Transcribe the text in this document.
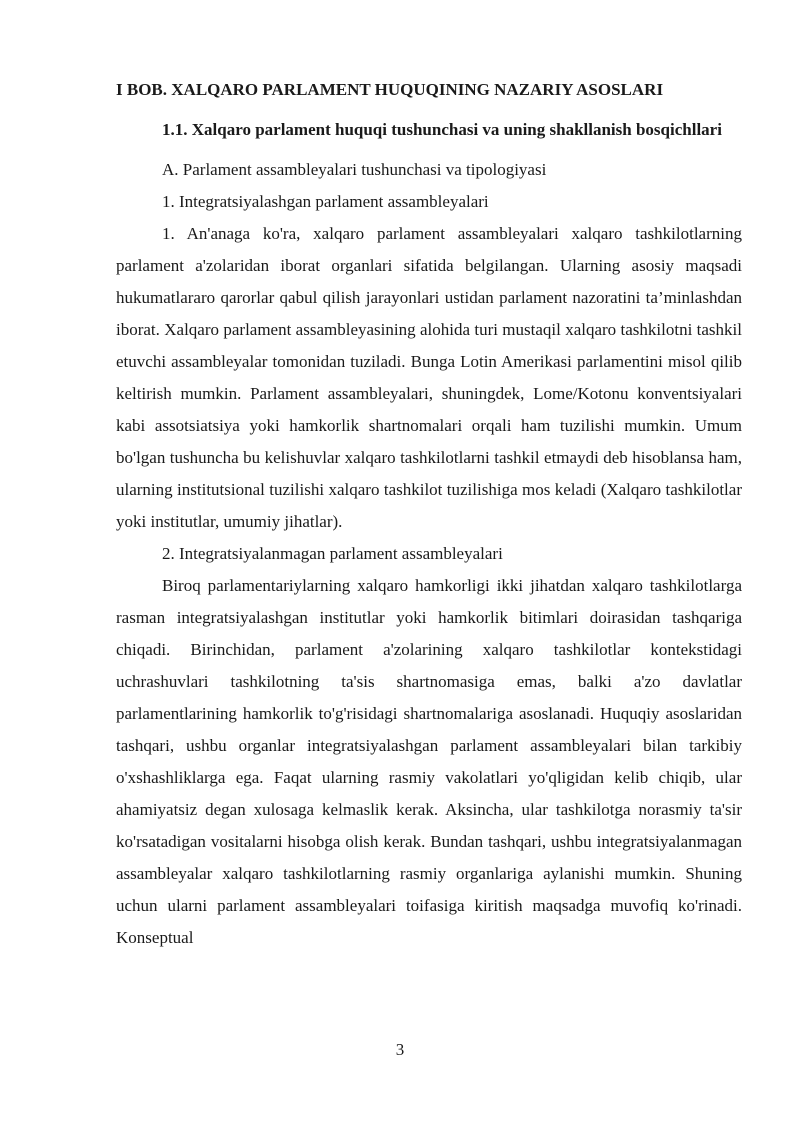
I BOB. XALQARO PARLAMENT HUQUQINING NAZARIY ASOSLARI
1.1. Xalqaro parlament huquqi tushunchasi va uning shakllanish bosqichllari

A. Parlament assambleyalari tushunchasi va tipologiyasi

1. Integratsiyalashgan parlament assambleyalari

1. An'anaga ko'ra, xalqaro parlament assambleyalari xalqaro tashkilotlarning parlament a'zolaridan iborat organlari sifatida belgilangan. Ularning asosiy maqsadi hukumatlararo qarorlar qabul qilish jarayonlari ustidan parlament nazoratini ta’minlashdan iborat. Xalqaro parlament assambleyasining alohida turi mustaqil xalqaro tashkilotni tashkil etuvchi assambleyalar tomonidan tuziladi. Bunga Lotin Amerikasi parlamentini misol qilib keltirish mumkin. Parlament assambleyalari, shuningdek, Lome/Kotonu konventsiyalari kabi assotsiatsiya yoki hamkorlik shartnomalari orqali ham tuzilishi mumkin. Umum bo'lgan tushuncha bu kelishuvlar xalqaro tashkilotlarni tashkil etmaydi deb hisoblansa ham, ularning institutsional tuzilishi xalqaro tashkilot tuzilishiga mos keladi (Xalqaro tashkilotlar yoki institutlar, umumiy jihatlar).

2. Integratsiyalanmagan parlament assambleyalari

Biroq parlamentariylarning xalqaro hamkorligi ikki jihatdan xalqaro tashkilotlarga rasman integratsiyalashgan institutlar yoki hamkorlik bitimlari doirasidan tashqariga chiqadi. Birinchidan, parlament a'zolarining xalqaro tashkilotlar kontekstidagi uchrashuvlari tashkilotning ta'sis shartnomasiga emas, balki a'zo davlatlar parlamentlarining hamkorlik to'g'risidagi shartnomalariga asoslanadi. Huquqiy asoslaridan tashqari, ushbu organlar integratsiyalashgan parlament assambleyalari bilan tarkibiy o'xshashliklarga ega. Faqat ularning rasmiy vakolatlari yo'qligidan kelib chiqib, ular ahamiyatsiz degan xulosaga kelmaslik kerak. Aksincha, ular tashkilotga norasmiy ta'sir ko'rsatadigan vositalarni hisobga olish kerak. Bundan tashqari, ushbu integratsiyalanmagan assambleyalar xalqaro tashkilotlarning rasmiy organlariga aylanishi mumkin. Shuning uchun ularni parlament assambleyalari toifasiga kiritish maqsadga muvofiq ko'rinadi. Konseptual

3
